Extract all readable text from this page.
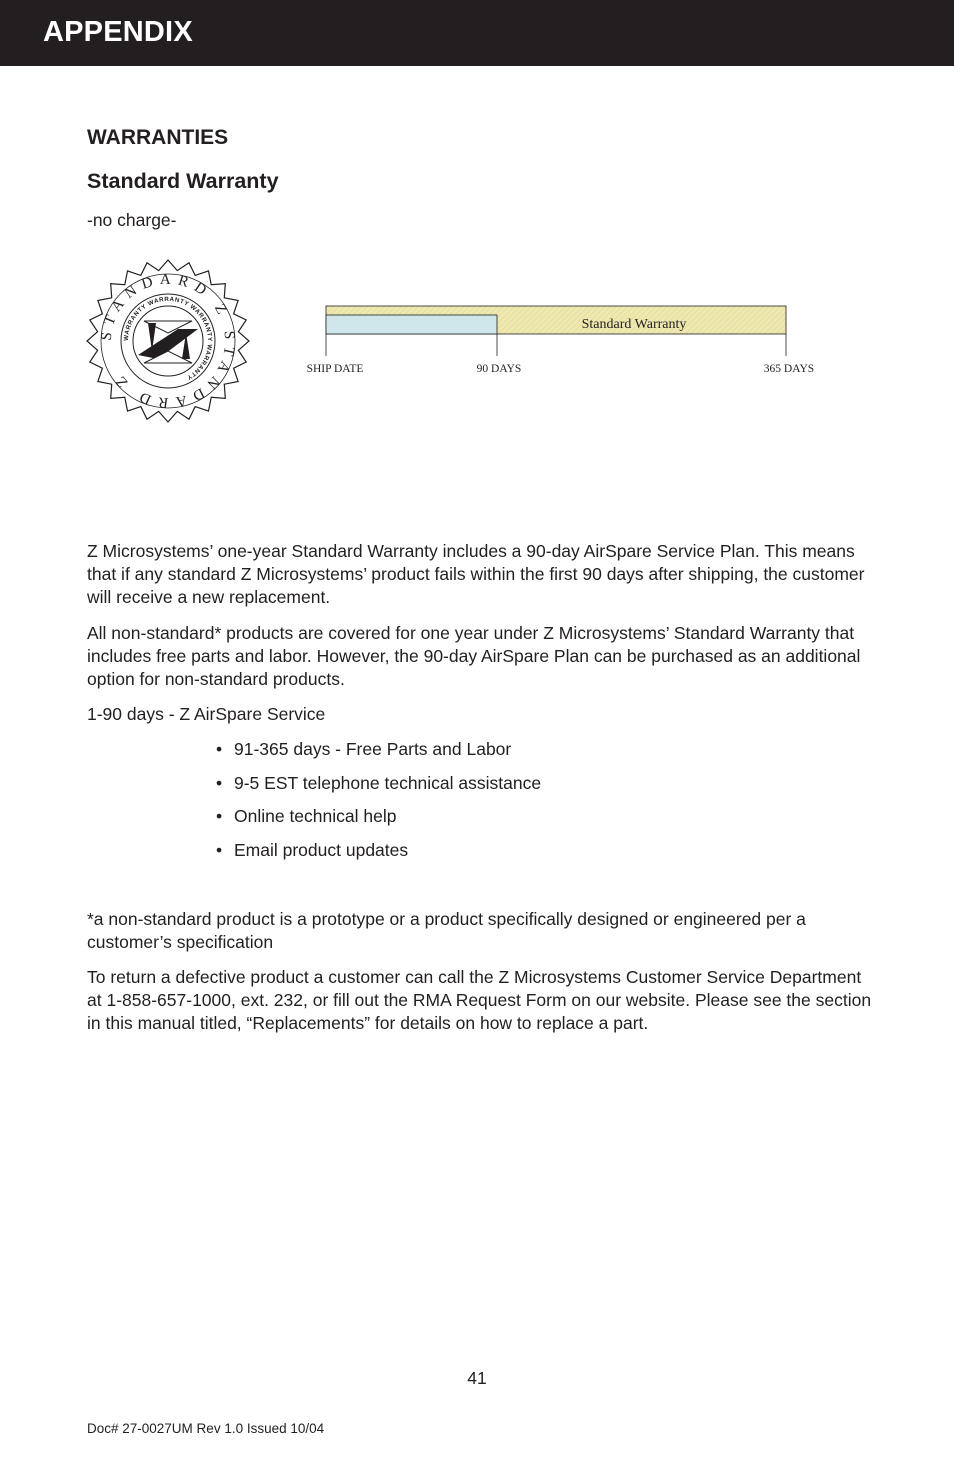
APPENDIX
WARRANTIES
Standard Warranty
-no charge-
STANDARD Z STANDARD Z
WARRANTY WARRANTY WARRANTY WARRANTY
Standard Warranty
SHIP DATE	90 DAYS	365 DAYS

Z Microsystems’ one-year Standard Warranty includes a 90-day AirSpare Service Plan. This means that if any standard Z Microsystems’ product fails within the first 90 days after shipping, the customer will receive a new replacement.

All non-standard* products are covered for one year under Z Microsystems’ Standard Warranty that includes free parts and labor. However, the 90-day AirSpare Plan can be purchased as an additional option for non-standard products.

1-90 days - Z AirSpare Service

• 91-365 days - Free Parts and Labor
• 9-5 EST telephone technical assistance
• Online technical help
• Email product updates

*a non-standard product is a prototype or a product specifically designed or engineered per a customer’s specification

To return a defective product a customer can call the Z Microsystems Customer Service Department at 1-858-657-1000, ext. 232, or fill out the RMA Request Form on our website. Please see the section in this manual titled, “Replacements” for details on how to replace a part.

41
Doc# 27-0027UM Rev 1.0 Issued 10/04
